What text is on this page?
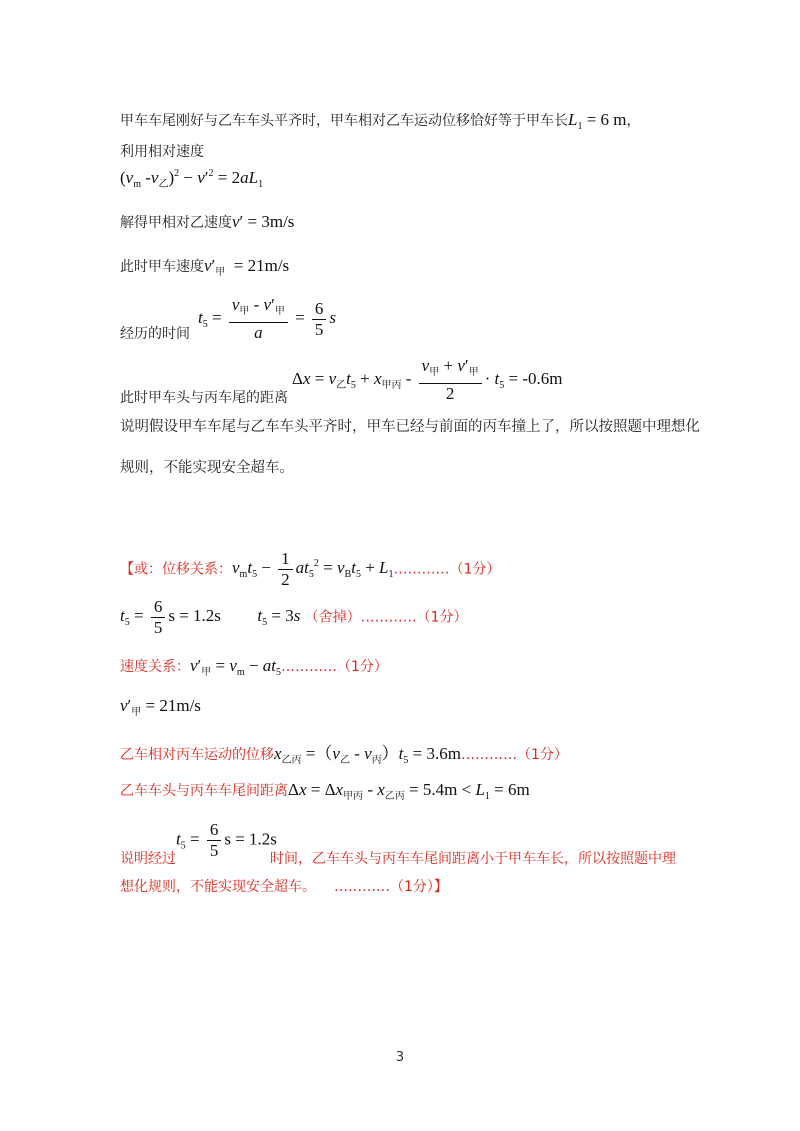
甲车车尾刚好与乙车车头平齐时，甲车相对乙车运动位移恰好等于甲车长$L_1 = 6$ m，
利用相对速度
($v_m$ $-v_乙)^2 - v'^2 = 2aL_1$
解得甲相对乙速度v′ = 3m/s
此时甲车速度$v'_甲 = 21m/s$
经历的时间
$t_5 = \frac{v_甲 - v'_甲}{a} = \frac{6}{5}$ s
此时甲车头与丙车尾的距离
$\Delta x = v_乙t_5 + x_{甲丙} - \frac{v_甲 + v'_甲}{2} \cdot t_5 = -0.6m$
说明假设甲车车尾与乙车车头平齐时，甲车已经与前面的丙车撞上了，所以按照题中理想化
规则，不能实现安全超车。
【或：位移关系：$v_mt_5 - \frac{1}{2} at_5^2 = v_Bt_5$ + $L_1\dots\dots\dots\dots(1$分）
$t_5 = \frac{6}{5}$ s = 1.2s $t_5 = 3s$ （舍掉）…………（1分）
速度关系：$v'_甲 = v_m$ − $at_5\dots\dots\dots\dots(1$分）
$v'_甲 = 21m/s$
乙车相对丙车运动的位移$x_{乙丙} =(v_乙 - v_丙)t_5$ = 3.6m…………（1分）
乙车车头与丙车车尾间距离$\Delta x = \Delta x_{甲丙} - x_{乙丙} = 5.4m < L_1 = 6m$
$t_5 = \frac{6}{5}$ s = 1.2s
说明经过	时间，乙车车头与丙车车尾间距离小于甲车车长，所以按照题中理
想化规则，不能实现安全超车。 …………（1分）】
3
